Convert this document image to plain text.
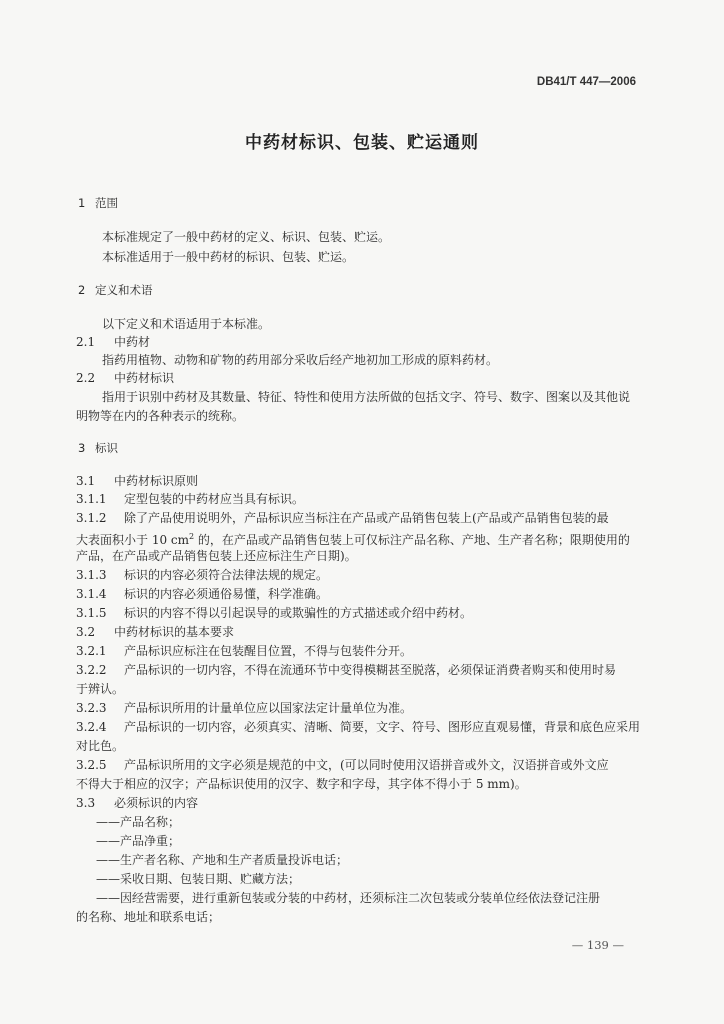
DB41/T 447—2006
中药材标识、包装、贮运通则
1 范围
本标准规定了一般中药材的定义、标识、包装、贮运。
本标准适用于一般中药材的标识、包装、贮运。
2 定义和术语
以下定义和术语适用于本标准。
2.1 中药材
指药用植物、动物和矿物的药用部分采收后经产地初加工形成的原料药材。
2.2 中药材标识
指用于识别中药材及其数量、特征、特性和使用方法所做的包括文字、符号、数字、图案以及其他说
明物等在内的各种表示的统称。
3 标识
3.1 中药材标识原则
3.1.1 定型包装的中药材应当具有标识。
3.1.2 除了产品使用说明外，产品标识应当标注在产品或产品销售包装上(产品或产品销售包装的最
大表面积小于 10 $cm^2$ 的，在产品或产品销售包装上可仅标注产品名称、产地、生产者名称；限期使用的
产品，在产品或产品销售包装上还应标注生产日期)。
3.1.3 标识的内容必须符合法律法规的规定。
3.1.4 标识的内容必须通俗易懂，科学准确。
3.1.5 标识的内容不得以引起误导的或欺骗性的方式描述或介绍中药材。
3.2 中药材标识的基本要求
3.2.1 产品标识应标注在包装醒目位置，不得与包装件分开。
3.2.2 产品标识的一切内容，不得在流通环节中变得模糊甚至脱落，必须保证消费者购买和使用时易
于辨认。
3.2.3 产品标识所用的计量单位应以国家法定计量单位为准。
3.2.4 产品标识的一切内容，必须真实、清晰、简要，文字、符号、图形应直观易懂，背景和底色应采用
对比色。
3.2.5 产品标识所用的文字必须是规范的中文，(可以同时使用汉语拼音或外文，汉语拼音或外文应
不得大于相应的汉字；产品标识使用的汉字、数字和字母，其字体不得小于 5 mm)。
3.3 必须标识的内容
——产品名称；
——产品净重；
——生产者名称、产地和生产者质量投诉电话；
——采收日期、包装日期、贮藏方法；
——因经营需要，进行重新包装或分装的中药材，还须标注二次包装或分装单位经依法登记注册
的名称、地址和联系电话；
— 139 —
